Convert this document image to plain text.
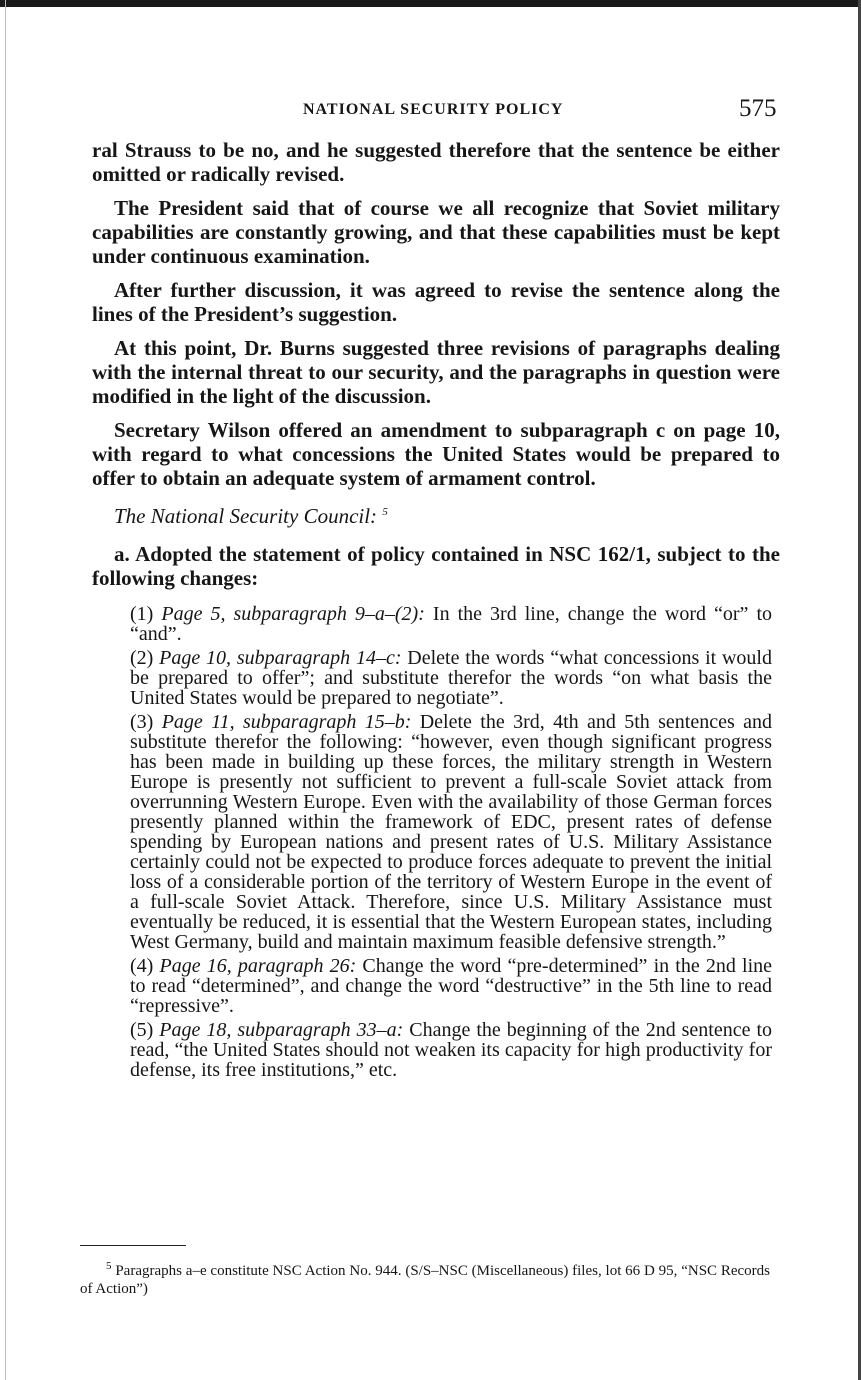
NATIONAL SECURITY POLICY	575

ral Strauss to be no, and he suggested therefore that the sentence be either omitted or radically revised.

The President said that of course we all recognize that Soviet military capabilities are constantly growing, and that these capabilities must be kept under continuous examination.

After further discussion, it was agreed to revise the sentence along the lines of the President’s suggestion.

At this point, Dr. Burns suggested three revisions of paragraphs dealing with the internal threat to our security, and the paragraphs in question were modified in the light of the discussion.

Secretary Wilson offered an amendment to subparagraph c on page 10, with regard to what concessions the United States would be prepared to offer to obtain an adequate system of armament control.

The National Security Council: $^5$

a. Adopted the statement of policy contained in NSC 162/1, subject to the following changes:

(1) Page 5, subparagraph 9–a–(2): In the 3rd line, change the word “or” to “and”.

(2) Page 10, subparagraph 14–c: Delete the words “what concessions it would be prepared to offer”; and substitute therefor the words “on what basis the United States would be prepared to negotiate”.

(3) Page 11, subparagraph 15–b: Delete the 3rd, 4th and 5th sentences and substitute therefor the following: “however, even though significant progress has been made in building up these forces, the military strength in Western Europe is presently not sufficient to prevent a full-scale Soviet attack from overrunning Western Europe. Even with the availability of those German forces presently planned within the framework of EDC, present rates of defense spending by European nations and present rates of U.S. Military Assistance certainly could not be expected to produce forces adequate to prevent the initial loss of a considerable portion of the territory of Western Europe in the event of a full-scale Soviet Attack. Therefore, since U.S. Military Assistance must eventually be reduced, it is essential that the Western European states, including West Germany, build and maintain maximum feasible defensive strength.”

(4) Page 16, paragraph 26: Change the word “pre-determined” in the 2nd line to read “determined”, and change the word “destructive” in the 5th line to read “repressive”.

(5) Page 18, subparagraph 33–a: Change the beginning of the 2nd sentence to read, “the United States should not weaken its capacity for high productivity for defense, its free institutions,” etc.

$^5$ Paragraphs a–e constitute NSC Action No. 944. (S/S–NSC (Miscellaneous) files, lot 66 D 95, “NSC Records of Action”)
